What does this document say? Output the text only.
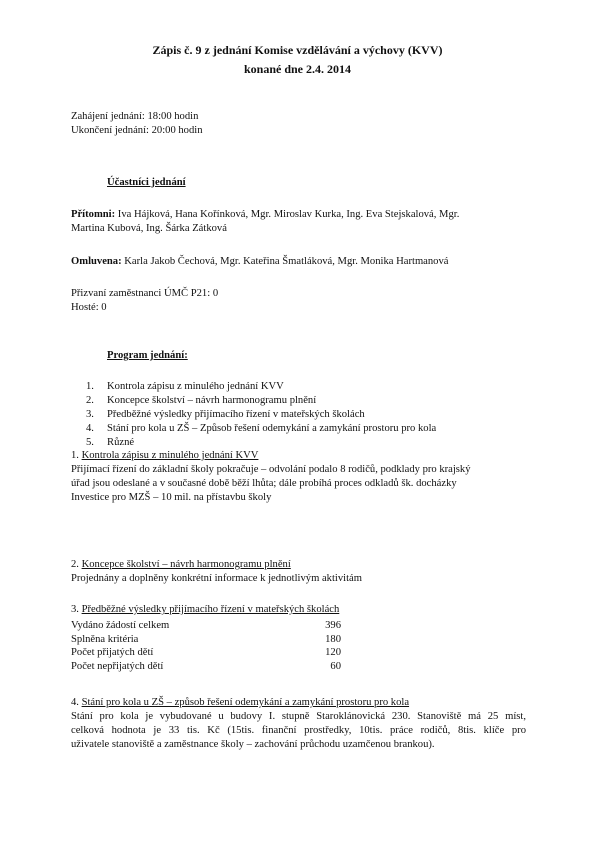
Zápis č. 9 z jednání Komise vzdělávání a výchovy (KVV)
konané dne 2.4. 2014
Zahájení jednání: 18:00 hodin
Ukončení jednání: 20:00 hodin
Účastníci jednání
Přítomni: Iva Hájková, Hana Kořínková, Mgr. Miroslav Kurka, Ing. Eva Stejskalová, Mgr.
Martina Kubová, Ing. Šárka Zátková
Omluvena: Karla Jakob Čechová, Mgr. Kateřina Šmatláková, Mgr. Monika Hartmanová
Přizvaní zaměstnanci ÚMČ P21: 0
Hosté: 0
Program jednání:
1.	Kontrola zápisu z minulého jednání KVV
2.	Koncepce školství – návrh harmonogramu plnění
3.	Předběžné výsledky přijímacího řízení v mateřských školách
4.	Stání pro kola u ZŠ – Způsob řešení odemykání a zamykání prostoru pro kola
5.	Různé
1. Kontrola zápisu z minulého jednání KVV
Přijímací řízení do základní školy pokračuje – odvolání podalo 8 rodičů, podklady pro krajský
úřad jsou odeslané a v současné době běží lhůta; dále probíhá proces odkladů šk. docházky
Investice pro MZŠ – 10 mil. na přístavbu školy
2. Koncepce školství – návrh harmonogramu plnění
Projednány a doplněny konkrétní informace k jednotlivým aktivitám
3. Předběžné výsledky přijímacího řízení v mateřských školách
Vydáno žádostí celkem	396
Splněna kritéria	180
Počet přijatých dětí	120
Počet nepřijatých dětí	60
4. Stání pro kola u ZŠ – způsob řešení odemykání a zamykání prostoru pro kola
Stání pro kola je vybudované u budovy I. stupně Staroklánovická 230. Stanoviště má 25 míst,
celková hodnota je 33 tis. Kč (15tis. finanční prostředky, 10tis. práce rodičů, 8tis. klíče pro
uživatele stanoviště a zaměstnance školy – zachování průchodu uzamčenou brankou).
